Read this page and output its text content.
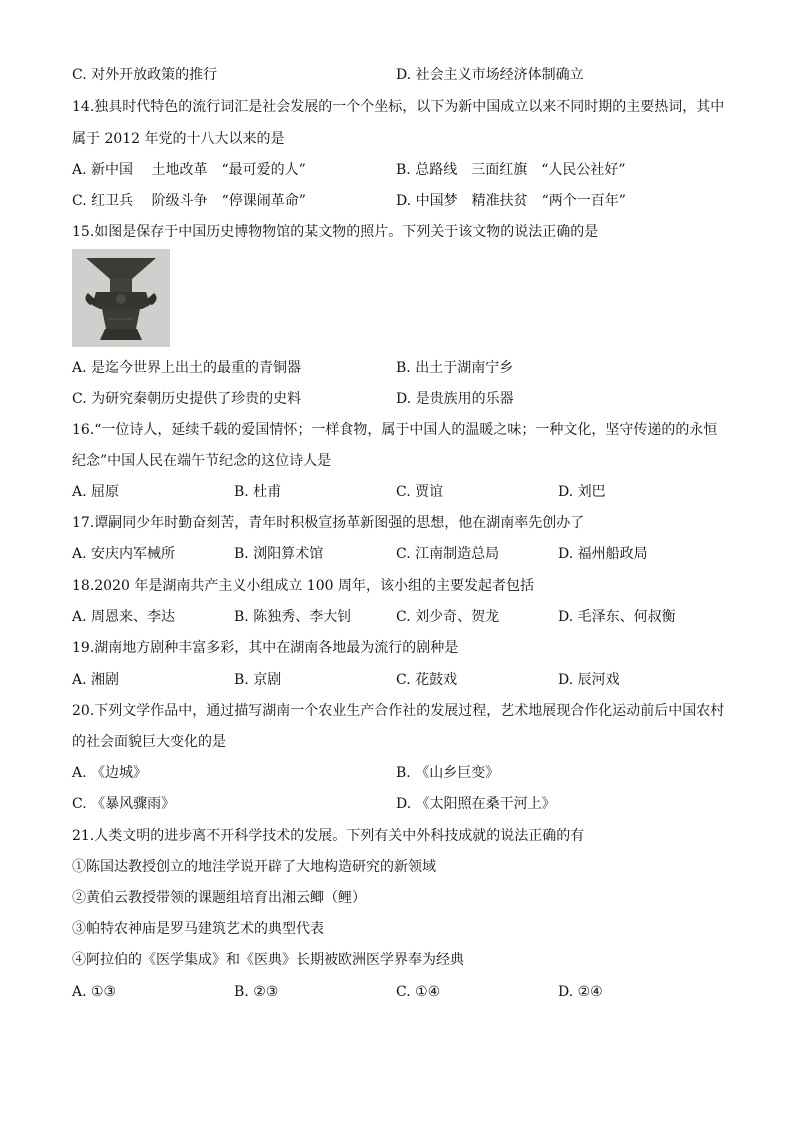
C. 对外开放政策的推行	D. 社会主义市场经济体制确立
14.独具时代特色的流行词汇是社会发展的一个个坐标，以下为新中国成立以来不同时期的主要热词，其中
属于 2012 年党的十八大以来的是
A. 新中国　 土地改革　“最可爱的人”	B. 总路线　三面红旗　“人民公社好”
C. 红卫兵　 阶级斗争　“停课闹革命”	D. 中国梦　精准扶贫　“两个一百年”
15.如图是保存于中国历史博物物馆的某文物的照片。下列关于该文物的说法正确的是
A. 是迄今世界上出土的最重的青铜器	B. 出土于湖南宁乡
C. 为研究秦朝历史提供了珍贵的史料	D. 是贵族用的乐器
16.“一位诗人，延续千载的爱国情怀；一样食物，属于中国人的温暖之味；一种文化，坚守传递的的永恒
纪念”中国人民在端午节纪念的这位诗人是
A. 屈原	B. 杜甫	C. 贾谊	D. 刘巴
17.谭嗣同少年时勤奋刻苦，青年时积极宣扬革新图强的思想，他在湖南率先创办了
A. 安庆内军械所	B. 浏阳算术馆	C. 江南制造总局	D. 福州船政局
18.2020 年是湖南共产主义小组成立 100 周年，该小组的主要发起者包括
A. 周恩来、李达	B. 陈独秀、李大钊	C. 刘少奇、贺龙	D. 毛泽东、何叔衡
19.湖南地方剧种丰富多彩，其中在湖南各地最为流行的剧种是
A. 湘剧	B. 京剧	C. 花鼓戏	D. 辰河戏
20.下列文学作品中，通过描写湖南一个农业生产合作社的发展过程，艺术地展现合作化运动前后中国农村
的社会面貌巨大变化的是
A. 《边城》	B. 《山乡巨变》
C. 《暴风骤雨》	D. 《太阳照在桑干河上》
21.人类文明的进步离不开科学技术的发展。下列有关中外科技成就的说法正确的有
①陈国达教授创立的地洼学说开辟了大地构造研究的新领域
②黄伯云教授带领的课题组培育出湘云鲫（鲤）
③帕特农神庙是罗马建筑艺术的典型代表
④阿拉伯的《医学集成》和《医典》长期被欧洲医学界奉为经典
A. ①③	B. ②③	C. ①④	D. ②④
